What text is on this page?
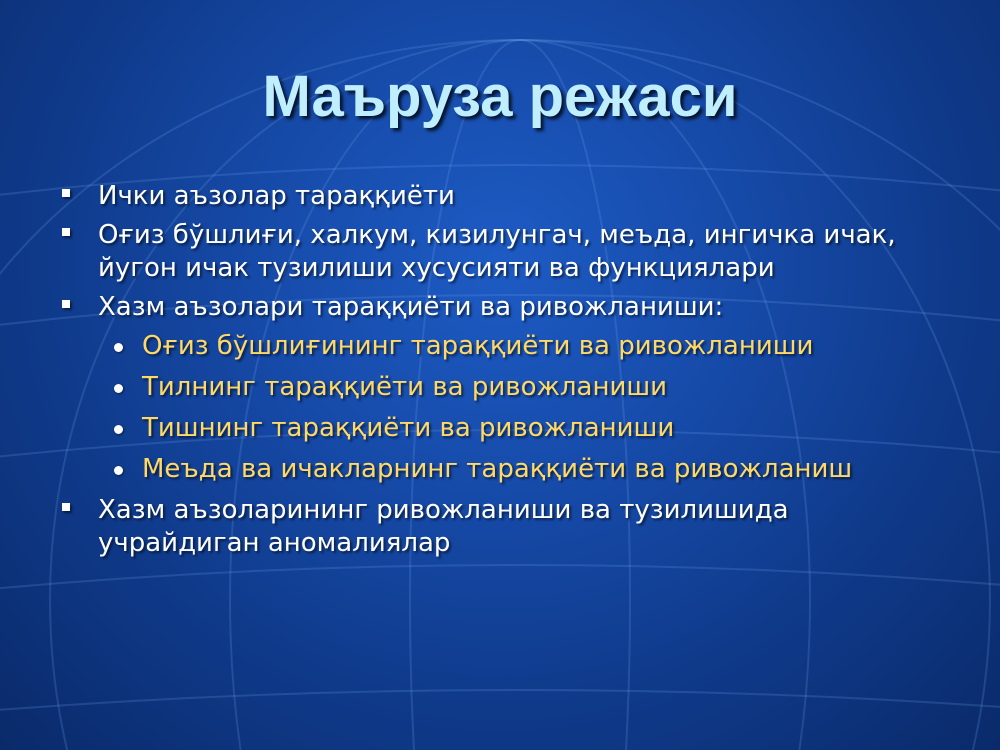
Маъруза режаси
Ички аъзолар тараққиёти
Оғиз бўшлиғи, халкум, кизилунгач, меъда, ингичка ичак, йугон ичак тузилиши хусусияти ва функциялари
Хазм аъзолари тараққиёти ва ривожланиши:
Оғиз бўшлиғининг тараққиёти ва ривожланиши
Тилнинг тараққиёти ва ривожланиши
Тишнинг тараққиёти ва ривожланиши
Меъда ва ичакларнинг тараққиёти ва ривожланиш
Хазм аъзоларининг ривожланиши ва тузилишида учрайдиган аномалиялар
